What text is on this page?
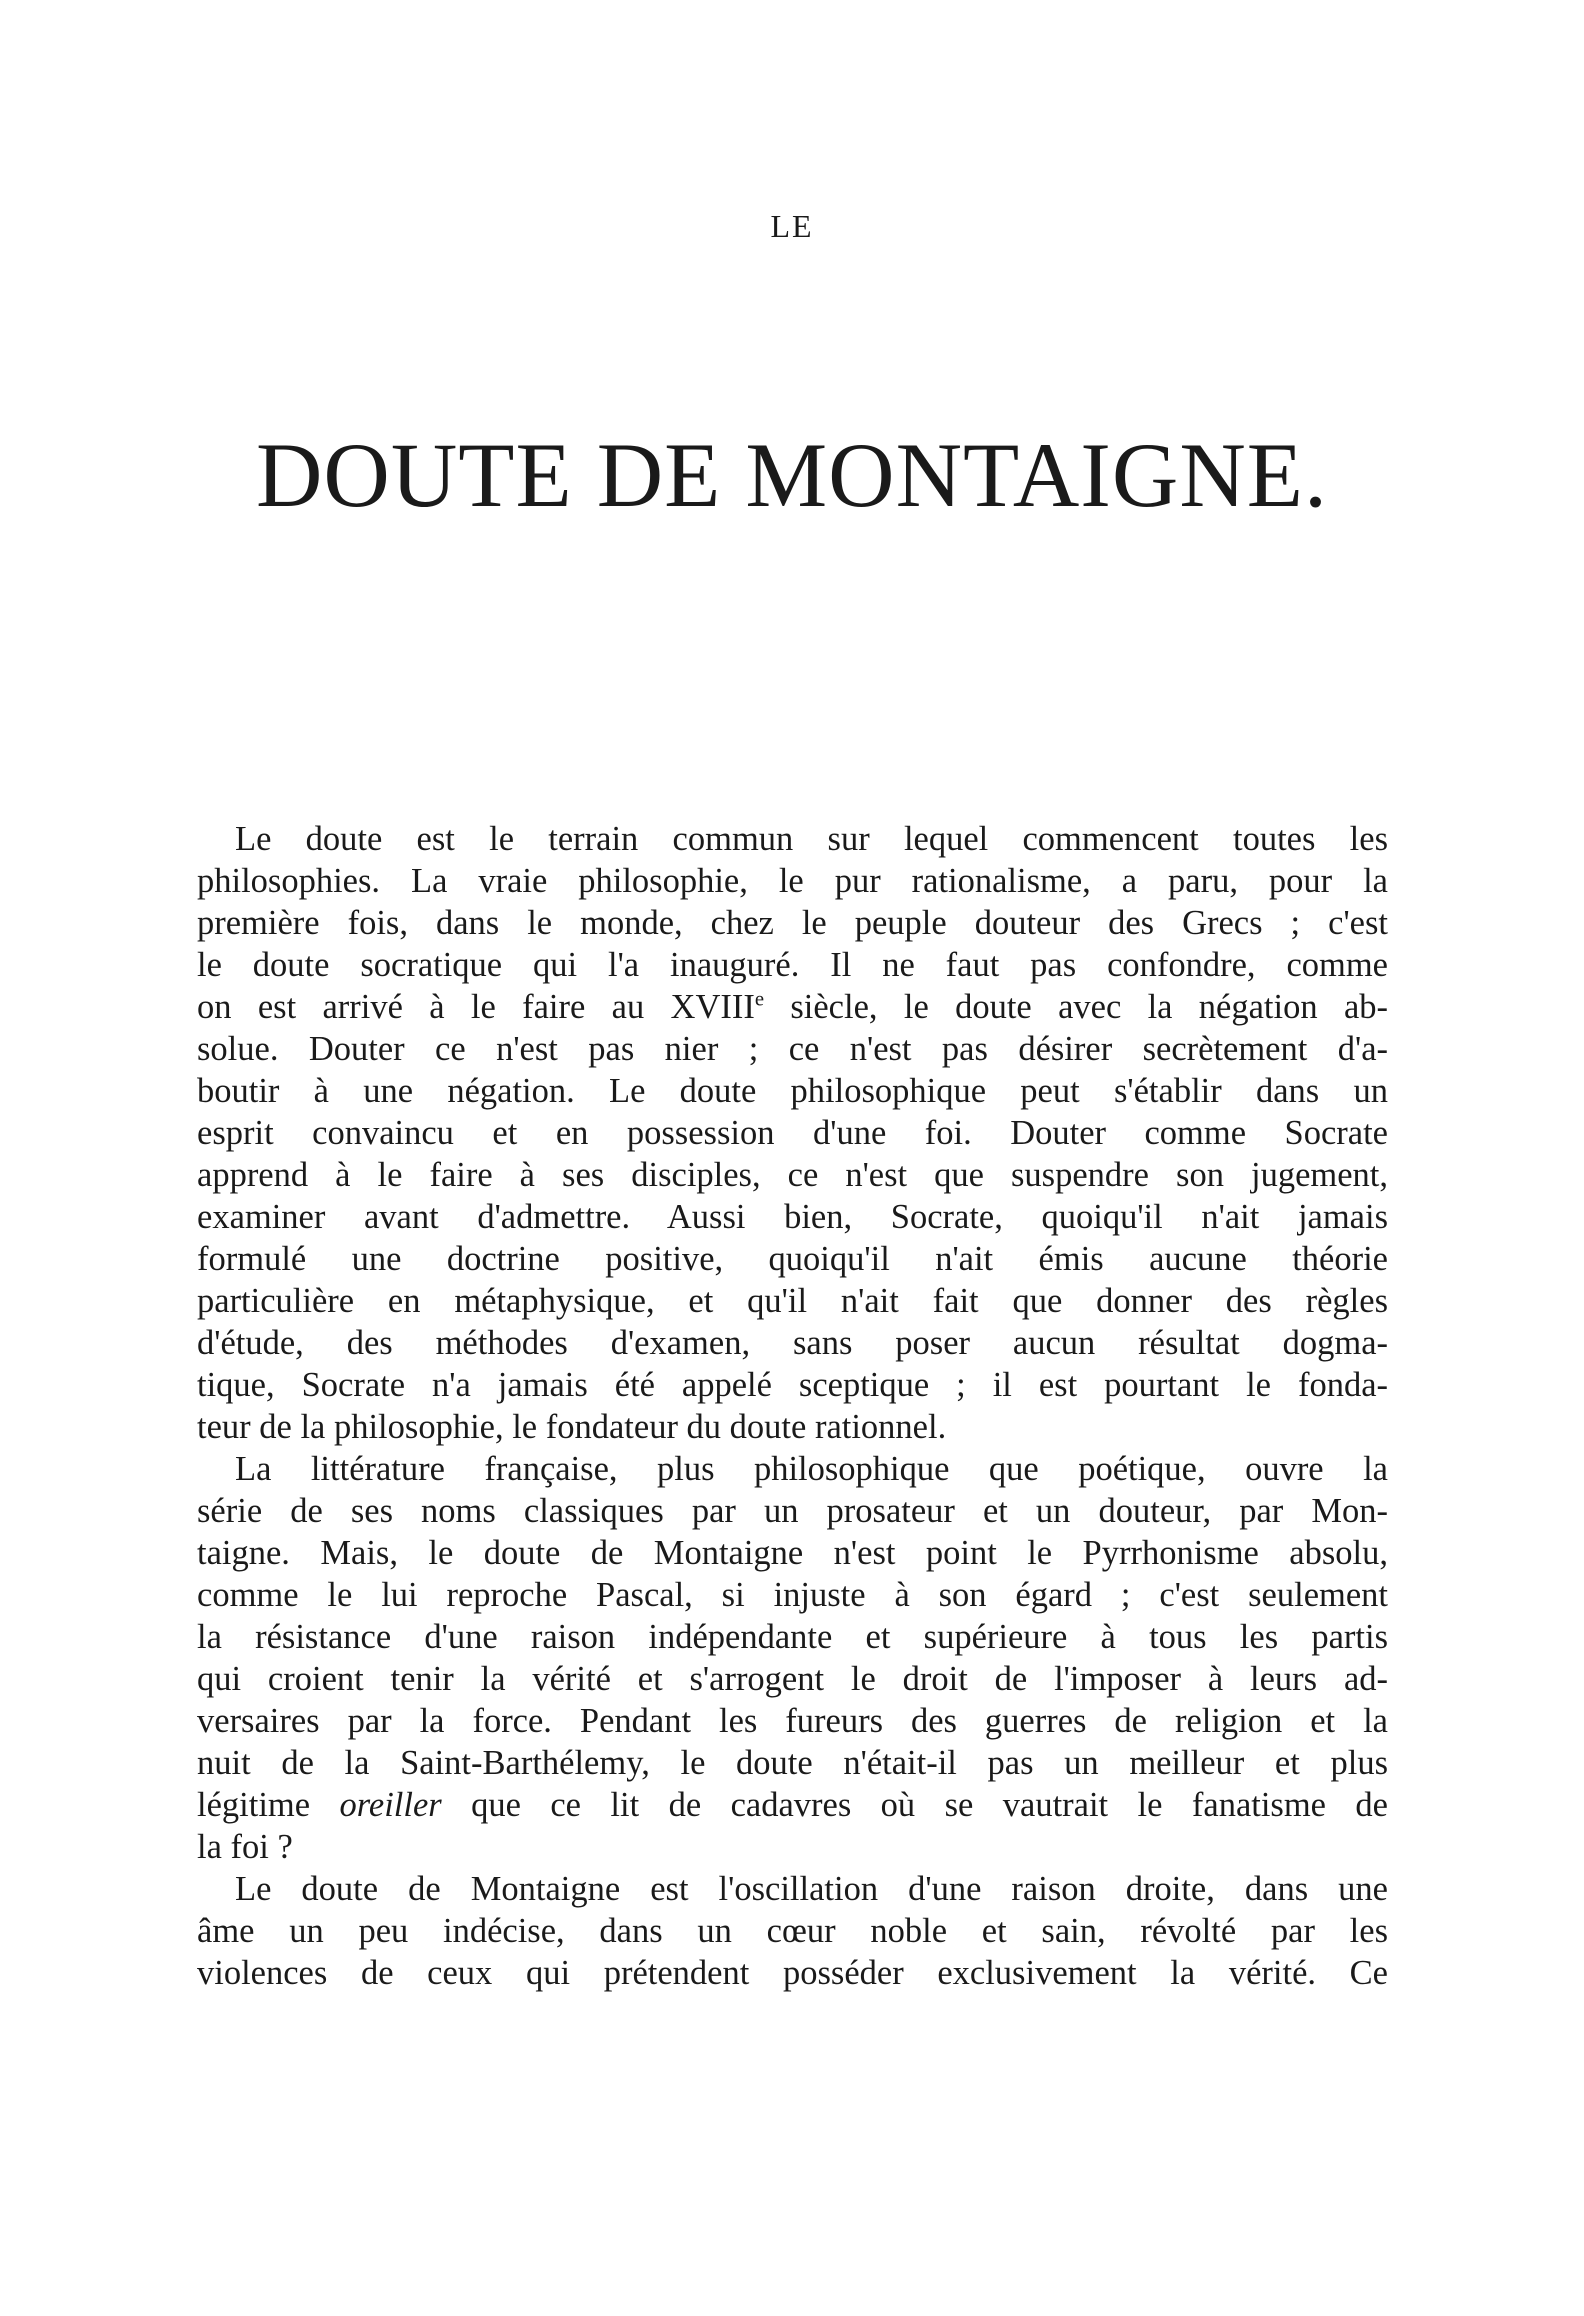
LE
DOUTE DE MONTAIGNE.
Le doute est le terrain commun sur lequel commencent toutes les
philosophies. La vraie philosophie, le pur rationalisme, a paru, pour la
première fois, dans le monde, chez le peuple douteur des Grecs ; c'est
le doute socratique qui l'a inauguré. Il ne faut pas confondre, comme
on est arrivé à le faire au XVIIIe siècle, le doute avec la négation ab-
solue. Douter ce n'est pas nier ; ce n'est pas désirer secrètement d'a-
boutir à une négation. Le doute philosophique peut s'établir dans un
esprit convaincu et en possession d'une foi. Douter comme Socrate
apprend à le faire à ses disciples, ce n'est que suspendre son jugement,
examiner avant d'admettre. Aussi bien, Socrate, quoiqu'il n'ait jamais
formulé une doctrine positive, quoiqu'il n'ait émis aucune théorie
particulière en métaphysique, et qu'il n'ait fait que donner des règles
d'étude, des méthodes d'examen, sans poser aucun résultat dogma-
tique, Socrate n'a jamais été appelé sceptique ; il est pourtant le fonda-
teur de la philosophie, le fondateur du doute rationnel.
La littérature française, plus philosophique que poétique, ouvre la
série de ses noms classiques par un prosateur et un douteur, par Mon-
taigne. Mais, le doute de Montaigne n'est point le Pyrrhonisme absolu,
comme le lui reproche Pascal, si injuste à son égard ; c'est seulement
la résistance d'une raison indépendante et supérieure à tous les partis
qui croient tenir la vérité et s'arrogent le droit de l'imposer à leurs ad-
versaires par la force. Pendant les fureurs des guerres de religion et la
nuit de la Saint-Barthélemy, le doute n'était-il pas un meilleur et plus
légitime oreiller que ce lit de cadavres où se vautrait le fanatisme de
la foi ?
Le doute de Montaigne est l'oscillation d'une raison droite, dans une
âme un peu indécise, dans un cœur noble et sain, révolté par les
violences de ceux qui prétendent posséder exclusivement la vérité. Ce
